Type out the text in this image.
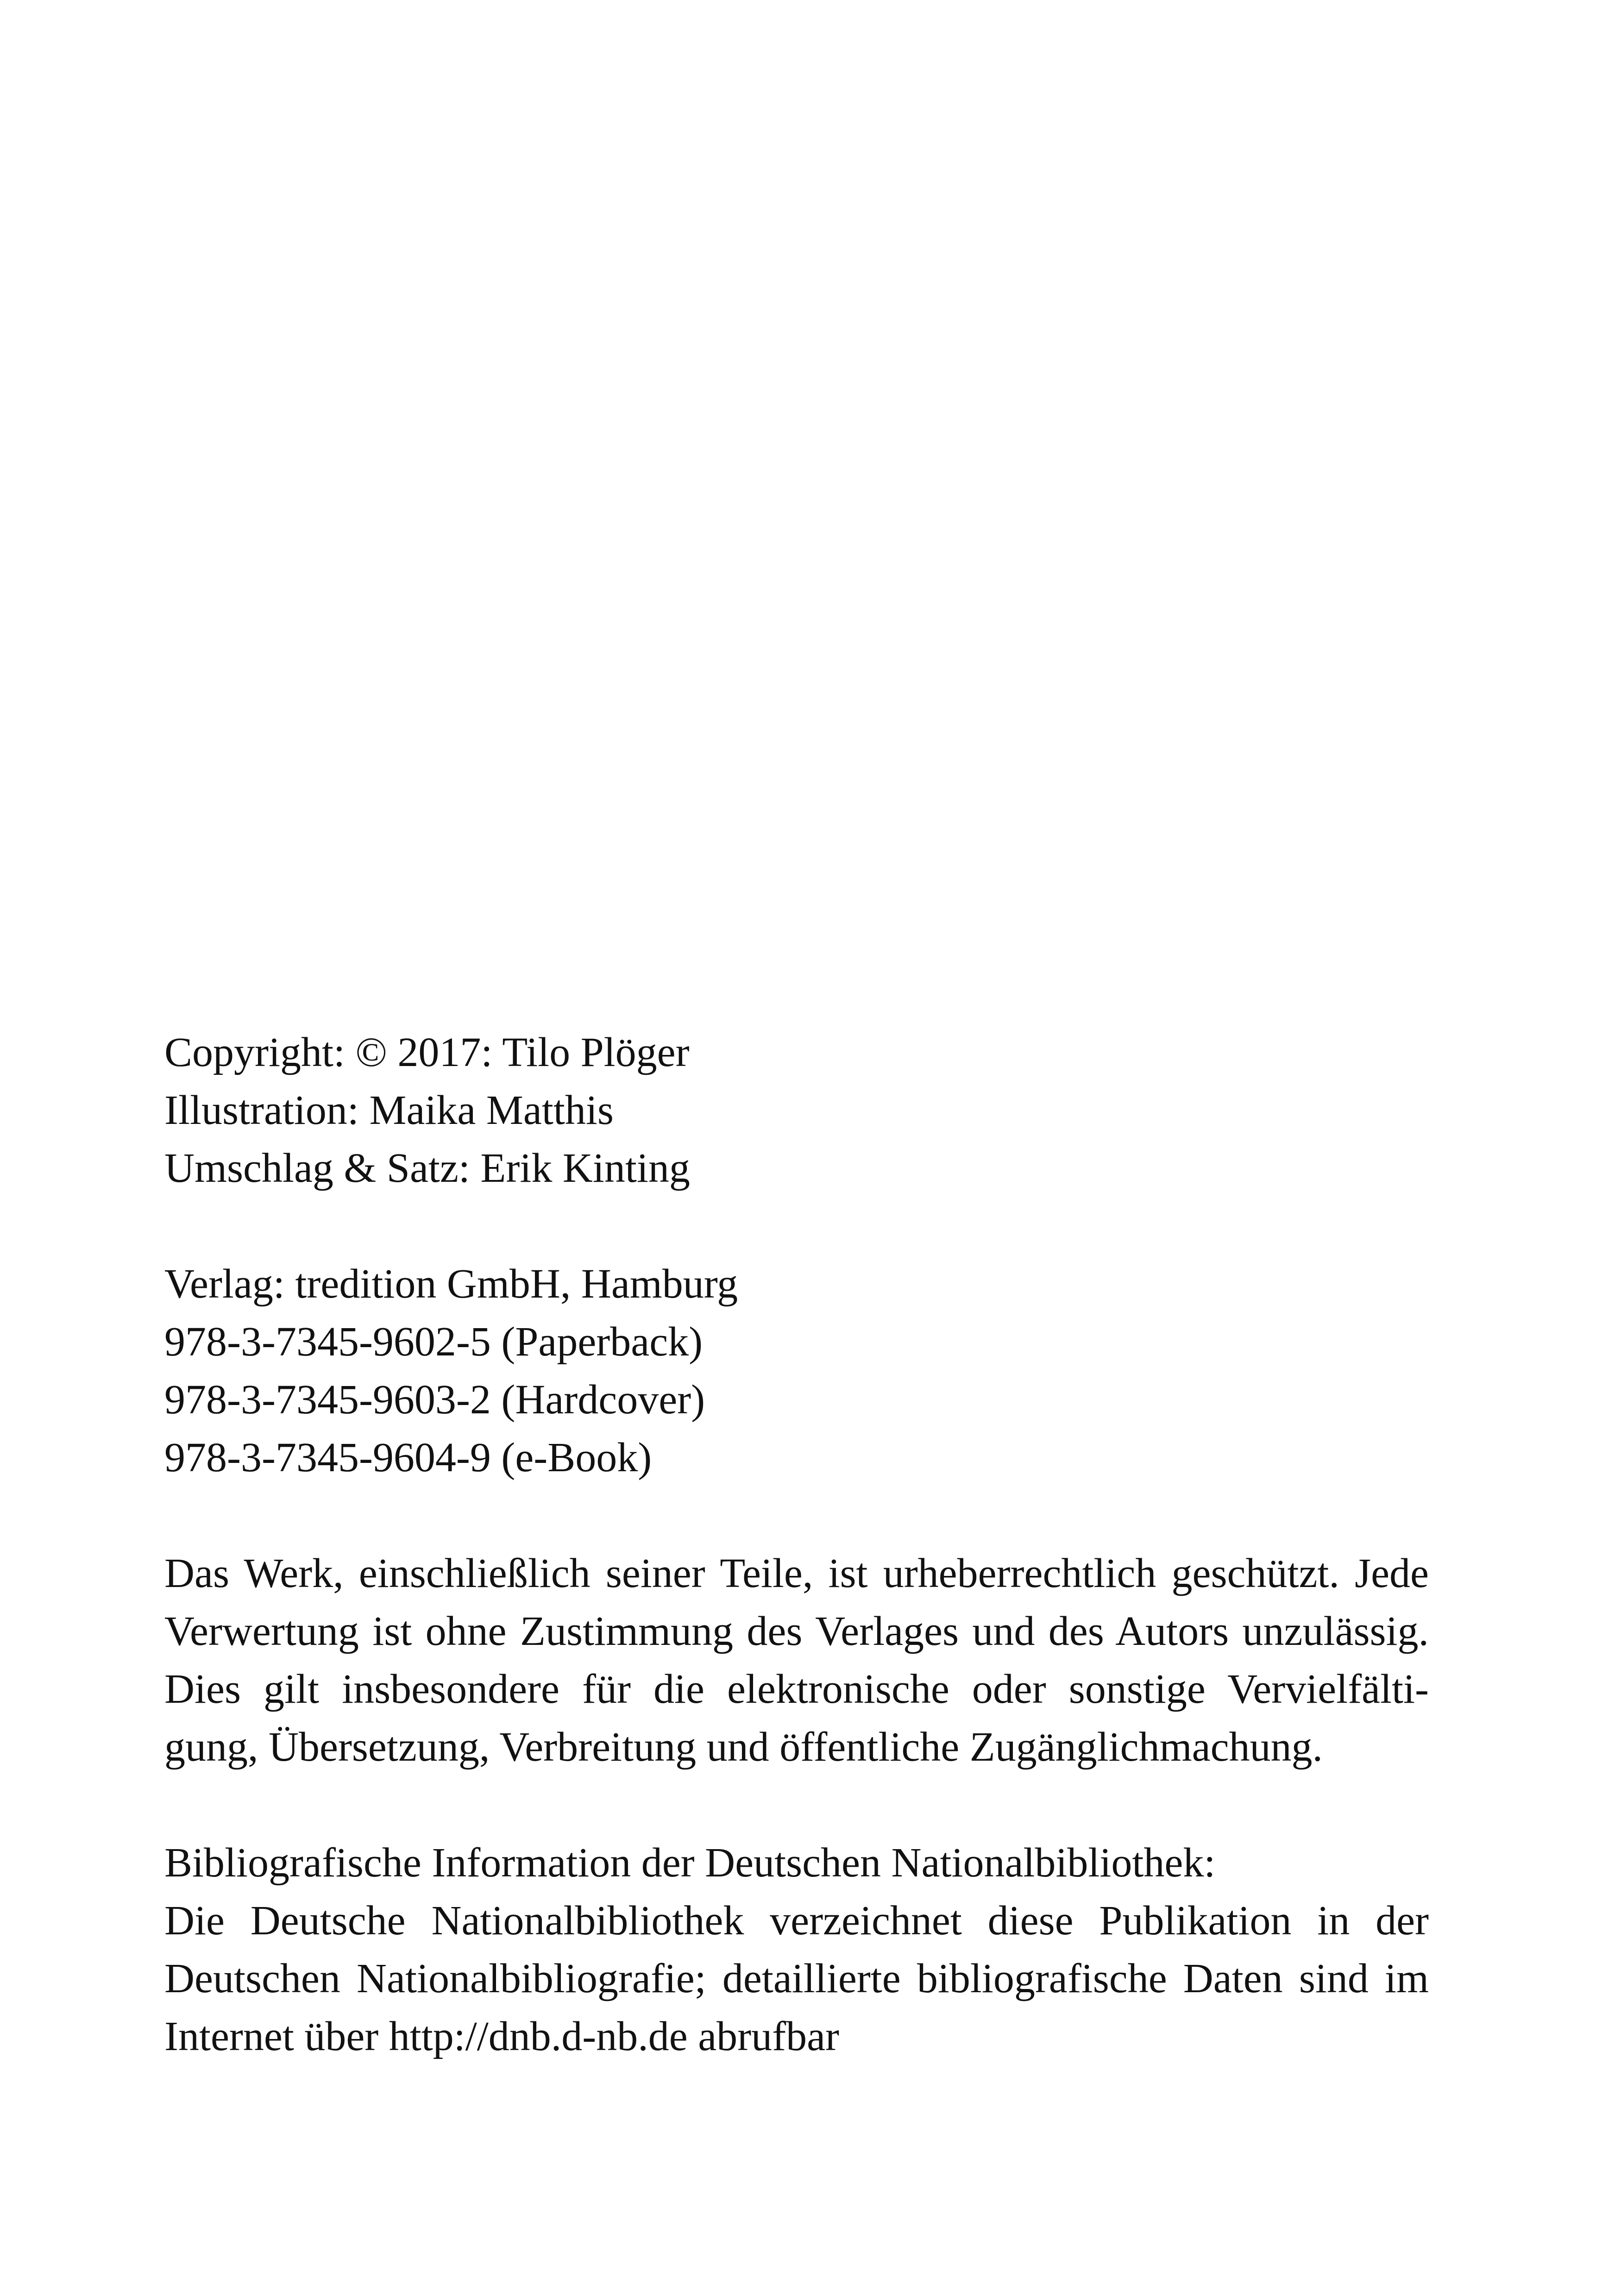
Copyright: © 2017: Tilo Plöger
Illustration: Maika Matthis
Umschlag & Satz: Erik Kinting
Verlag: tredition GmbH, Hamburg
978-3-7345-9602-5 (Paperback)
978-3-7345-9603-2 (Hardcover)
978-3-7345-9604-9 (e-Book)
Das Werk, einschließlich seiner Teile, ist urheberrechtlich geschützt. Jede
Verwertung ist ohne Zustimmung des Verlages und des Autors unzulässig.
Dies gilt insbesondere für die elektronische oder sonstige Vervielfälti-
gung, Übersetzung, Verbreitung und öffentliche Zugänglichmachung.
Bibliografische Information der Deutschen Nationalbibliothek:
Die Deutsche Nationalbibliothek verzeichnet diese Publikation in der
Deutschen Nationalbibliografie; detaillierte bibliografische Daten sind im
Internet über http://dnb.d-nb.de abrufbar
